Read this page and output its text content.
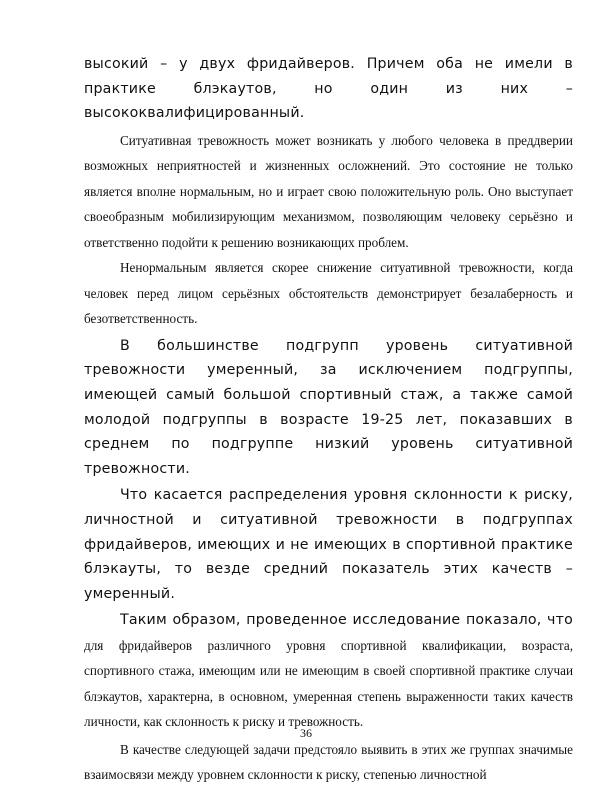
высокий – у двух фридайверов. Причем оба не имели в практике блэкаутов, но один из них – высококвалифицированный.

Ситуативная тревожность может возникать у любого человека в преддверии возможных неприятностей и жизненных осложнений. Это состояние не только является вполне нормальным, но и играет свою положительную роль. Оно выступает своеобразным мобилизирующим механизмом, позволяющим человеку серьёзно и ответственно подойти к решению возникающих проблем.

Ненормальным является скорее снижение ситуативной тревожности, когда человек перед лицом серьёзных обстоятельств демонстрирует безалаберность и безответственность.

В большинстве подгрупп уровень ситуативной тревожности умеренный, за исключением подгруппы, имеющей самый большой спортивный стаж, а также самой молодой подгруппы в возрасте 19-25 лет, показавших в среднем по подгруппе низкий уровень ситуативной тревожности.

Что касается распределения уровня склонности к риску, личностной и ситуативной тревожности в подгруппах фридайверов, имеющих и не имеющих в спортивной практике блэкауты, то везде средний показатель этих качеств – умеренный.

Таким образом, проведенное исследование показало, что

для фридайверов различного уровня спортивной квалификации, возраста, спортивного стажа, имеющим или не имеющим в своей спортивной практике случаи блэкаутов, характерна, в основном, умеренная степень выраженности таких качеств личности, как склонность к риску и тревожность.

В качестве следующей задачи предстояло выявить в этих же группах значимые взаимосвязи между уровнем склонности к риску, степенью личностной

36
